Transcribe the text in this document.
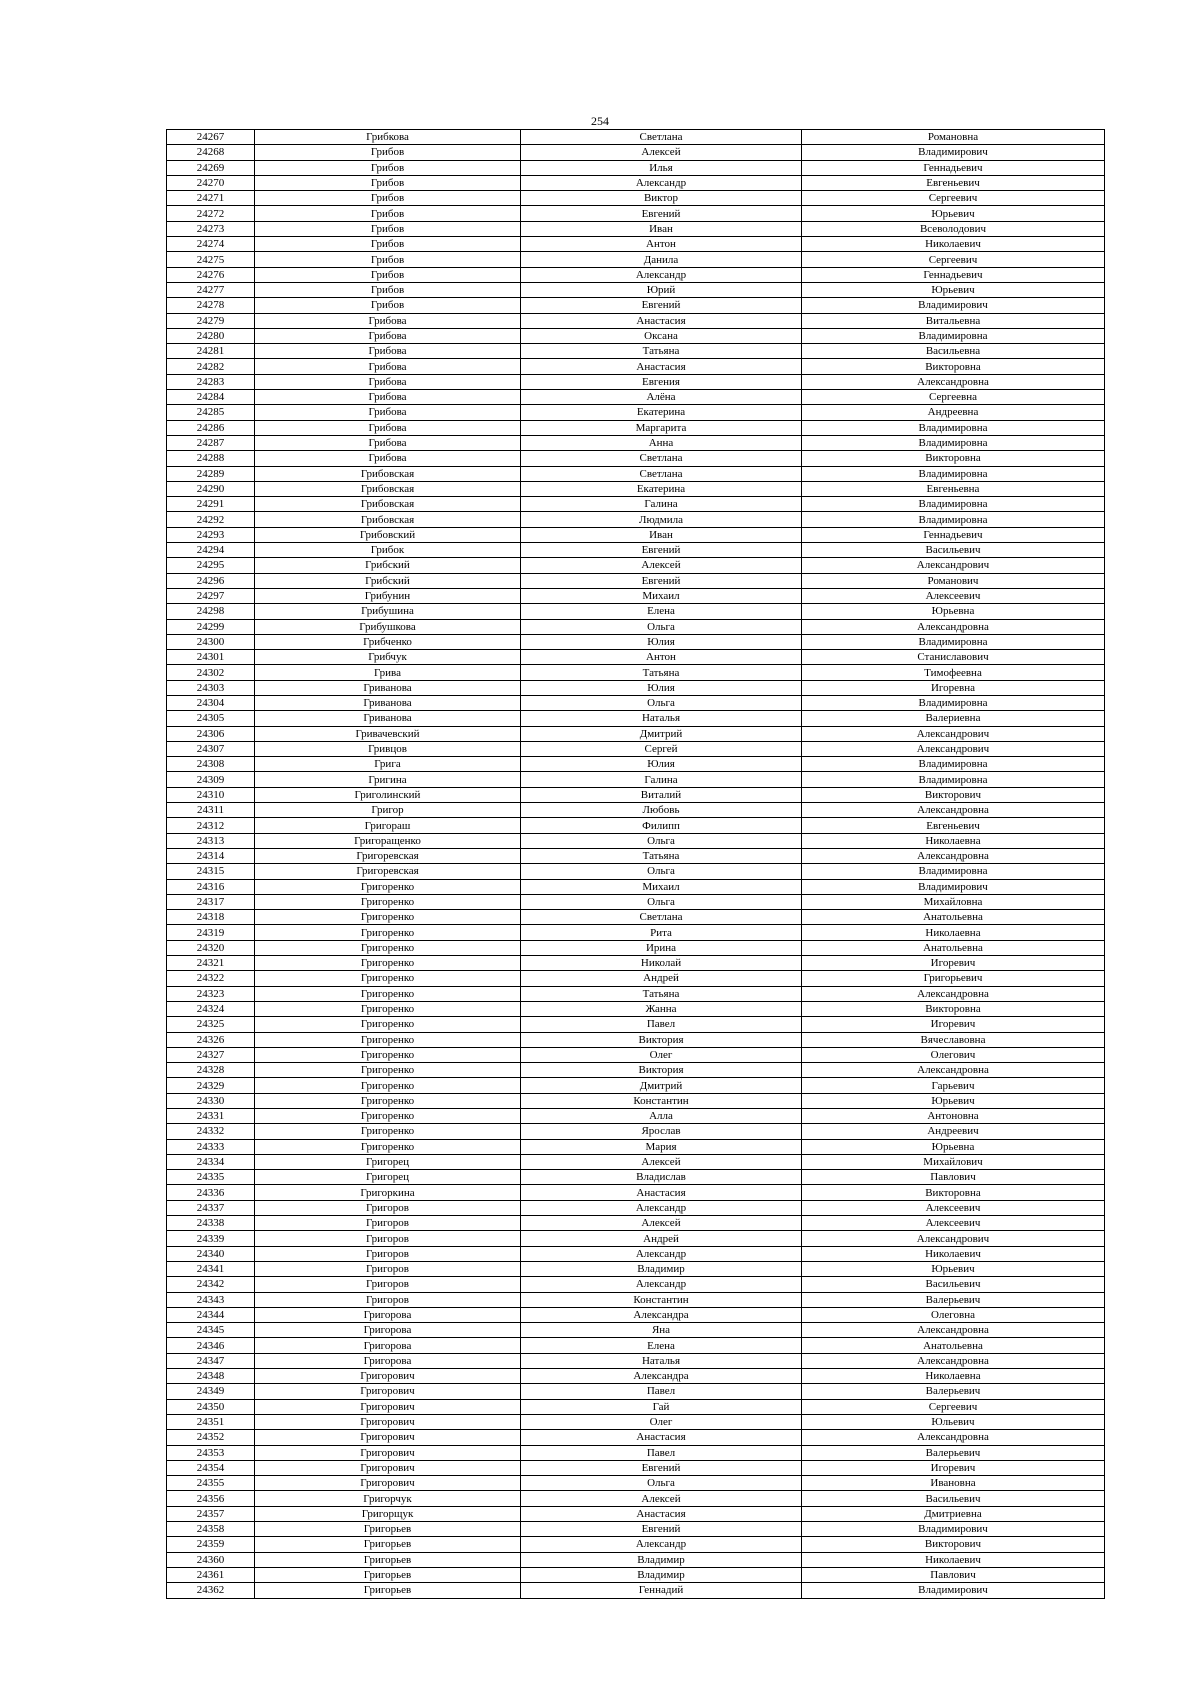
254
24267	Грибкова	Светлана	Романовна
24268	Грибов	Алексей	Владимирович
24269	Грибов	Илья	Геннадьевич
24270	Грибов	Александр	Евгеньевич
24271	Грибов	Виктор	Сергеевич
24272	Грибов	Евгений	Юрьевич
24273	Грибов	Иван	Всеволодович
24274	Грибов	Антон	Николаевич
24275	Грибов	Данила	Сергеевич
24276	Грибов	Александр	Геннадьевич
24277	Грибов	Юрий	Юрьевич
24278	Грибов	Евгений	Владимирович
24279	Грибова	Анастасия	Витальевна
24280	Грибова	Оксана	Владимировна
24281	Грибова	Татьяна	Васильевна
24282	Грибова	Анастасия	Викторовна
24283	Грибова	Евгения	Александровна
24284	Грибова	Алёна	Сергеевна
24285	Грибова	Екатерина	Андреевна
24286	Грибова	Маргарита	Владимировна
24287	Грибова	Анна	Владимировна
24288	Грибова	Светлана	Викторовна
24289	Грибовская	Светлана	Владимировна
24290	Грибовская	Екатерина	Евгеньевна
24291	Грибовская	Галина	Владимировна
24292	Грибовская	Людмила	Владимировна
24293	Грибовский	Иван	Геннадьевич
24294	Грибок	Евгений	Васильевич
24295	Грибский	Алексей	Александрович
24296	Грибский	Евгений	Романович
24297	Грибунин	Михаил	Алексеевич
24298	Грибушина	Елена	Юрьевна
24299	Грибушкова	Ольга	Александровна
24300	Грибченко	Юлия	Владимировна
24301	Грибчук	Антон	Станиславович
24302	Грива	Татьяна	Тимофеевна
24303	Гриванова	Юлия	Игоревна
24304	Гриванова	Ольга	Владимировна
24305	Гриванова	Наталья	Валериевна
24306	Гривачевский	Дмитрий	Александрович
24307	Гривцов	Сергей	Александрович
24308	Грига	Юлия	Владимировна
24309	Григина	Галина	Владимировна
24310	Григолинский	Виталий	Викторович
24311	Григор	Любовь	Александровна
24312	Григораш	Филипп	Евгеньевич
24313	Григоращенко	Ольга	Николаевна
24314	Григоревская	Татьяна	Александровна
24315	Григоревская	Ольга	Владимировна
24316	Григоренко	Михаил	Владимирович
24317	Григоренко	Ольга	Михайловна
24318	Григоренко	Светлана	Анатольевна
24319	Григоренко	Рита	Николаевна
24320	Григоренко	Ирина	Анатольевна
24321	Григоренко	Николай	Игоревич
24322	Григоренко	Андрей	Григорьевич
24323	Григоренко	Татьяна	Александровна
24324	Григоренко	Жанна	Викторовна
24325	Григоренко	Павел	Игоревич
24326	Григоренко	Виктория	Вячеславовна
24327	Григоренко	Олег	Олегович
24328	Григоренко	Виктория	Александровна
24329	Григоренко	Дмитрий	Гарьевич
24330	Григоренко	Константин	Юрьевич
24331	Григоренко	Алла	Антоновна
24332	Григоренко	Ярослав	Андреевич
24333	Григоренко	Мария	Юрьевна
24334	Григорец	Алексей	Михайлович
24335	Григорец	Владислав	Павлович
24336	Григоркина	Анастасия	Викторовна
24337	Григоров	Александр	Алексеевич
24338	Григоров	Алексей	Алексеевич
24339	Григоров	Андрей	Александрович
24340	Григоров	Александр	Николаевич
24341	Григоров	Владимир	Юрьевич
24342	Григоров	Александр	Васильевич
24343	Григоров	Константин	Валерьевич
24344	Григорова	Александра	Олеговна
24345	Григорова	Яна	Александровна
24346	Григорова	Елена	Анатольевна
24347	Григорова	Наталья	Александровна
24348	Григорович	Александра	Николаевна
24349	Григорович	Павел	Валерьевич
24350	Григорович	Гай	Сергеевич
24351	Григорович	Олег	Юльевич
24352	Григорович	Анастасия	Александровна
24353	Григорович	Павел	Валерьевич
24354	Григорович	Евгений	Игоревич
24355	Григорович	Ольга	Ивановна
24356	Григорчук	Алексей	Васильевич
24357	Григорщук	Анастасия	Дмитриевна
24358	Григорьев	Евгений	Владимирович
24359	Григорьев	Александр	Викторович
24360	Григорьев	Владимир	Николаевич
24361	Григорьев	Владимир	Павлович
24362	Григорьев	Геннадий	Владимирович
